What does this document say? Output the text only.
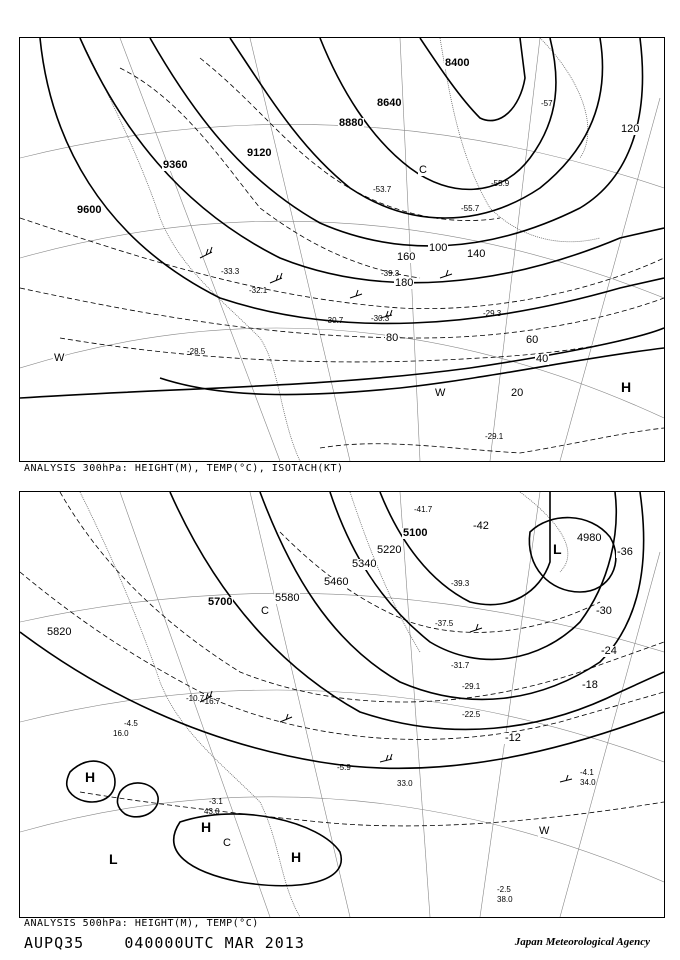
8400
8640
8880
9120
9360
9600
20
40
60
80
100
120
140
160
180
-57
-53.7
-55.9
-55.7
-39.3
-33.3
-32.1
-30.7	-30.3
-29.3
-28.5
-29.1
W
W
C
H
ANALYSIS 300hPa: HEIGHT(M), TEMP(°C), ISOTACH(KT)
4980
5100
5220
5340
5460
5580
5700
5820
-42
-36
-30
-24
-18
-12
-41.7
-39.3
-37.5
-31.7
-29.1
-22.5
-16.7
-10.7
-5.9
-4.5
-3.1
-2.5
-4.1
38.0
34.0
33.0
43.0
16.0
L
H
H
H
L
C
C
W
ANALYSIS 500hPa: HEIGHT(M), TEMP(°C)
AUPQ35	040000UTC MAR 2013	Japan Meteorological Agency
